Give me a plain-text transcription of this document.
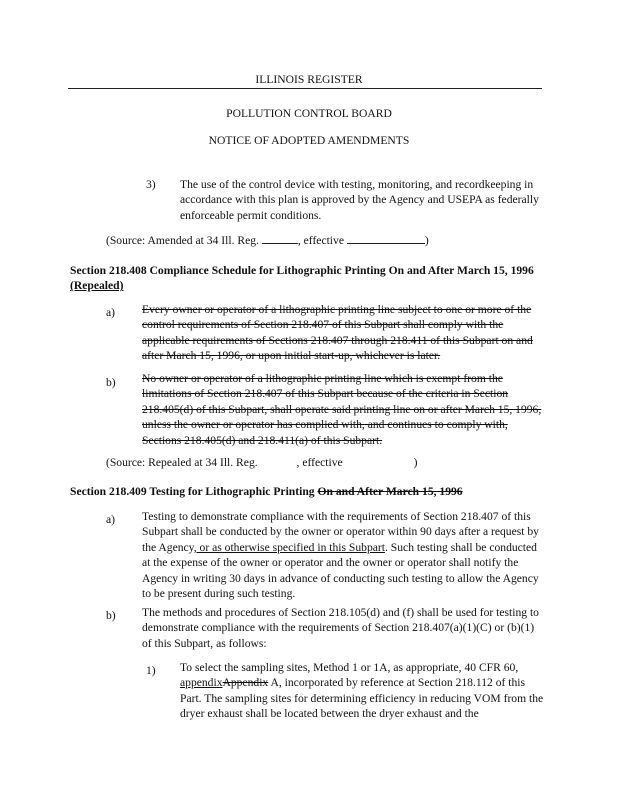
ILLINOIS REGISTER
POLLUTION CONTROL BOARD
NOTICE OF ADOPTED AMENDMENTS
3)	The use of the control device with testing, monitoring, and recordkeeping in accordance with this plan is approved by the Agency and USEPA as federally enforceable permit conditions.
(Source: Amended at 34 Ill. Reg.	, effective	)
Section 218.408 Compliance Schedule for Lithographic Printing On and After March 15, 1996 (Repealed)
a)	Every owner or operator of a lithographic printing line subject to one or more of the control requirements of Section 218.407 of this Subpart shall comply with the applicable requirements of Sections 218.407 through 218.411 of this Subpart on and after March 15, 1996, or upon initial start-up, whichever is later.
b)	No owner or operator of a lithographic printing line which is exempt from the limitations of Section 218.407 of this Subpart because of the criteria in Section 218.405(d) of this Subpart, shall operate said printing line on or after March 15, 1996, unless the owner or operator has complied with, and continues to comply with, Sections 218.405(d) and 218.411(a) of this Subpart.
(Source: Repealed at 34 Ill. Reg.	, effective	)
Section 218.409 Testing for Lithographic Printing On and After March 15, 1996
a)	Testing to demonstrate compliance with the requirements of Section 218.407 of this Subpart shall be conducted by the owner or operator within 90 days after a request by the Agency, or as otherwise specified in this Subpart. Such testing shall be conducted at the expense of the owner or operator and the owner or operator shall notify the Agency in writing 30 days in advance of conducting such testing to allow the Agency to be present during such testing.
b)	The methods and procedures of Section 218.105(d) and (f) shall be used for testing to demonstrate compliance with the requirements of Section 218.407(a)(1)(C) or (b)(1) of this Subpart, as follows:
1)	To select the sampling sites, Method 1 or 1A, as appropriate, 40 CFR 60, appendixAppendix A, incorporated by reference at Section 218.112 of this Part. The sampling sites for determining efficiency in reducing VOM from the dryer exhaust shall be located between the dryer exhaust and the
